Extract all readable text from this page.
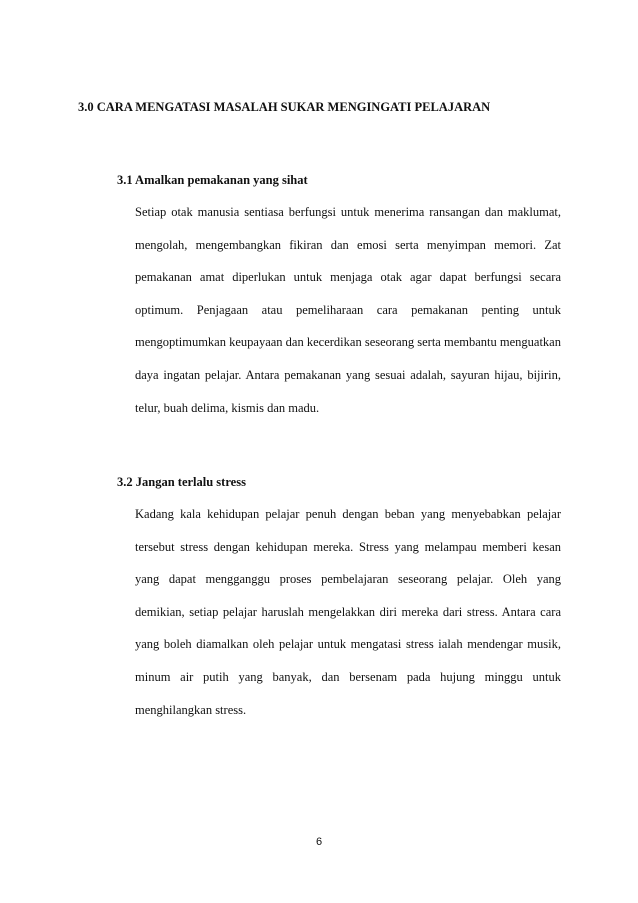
3.0 CARA MENGATASI MASALAH SUKAR MENGINGATI PELAJARAN
3.1 Amalkan pemakanan yang sihat

Setiap otak manusia sentiasa berfungsi untuk menerima ransangan dan maklumat, mengolah, mengembangkan fikiran dan emosi serta menyimpan memori. Zat pemakanan amat diperlukan untuk menjaga otak agar dapat berfungsi secara optimum. Penjagaan atau pemeliharaan cara pemakanan penting untuk mengoptimumkan keupayaan dan kecerdikan seseorang serta membantu menguatkan daya ingatan pelajar. Antara pemakanan yang sesuai adalah, sayuran hijau, bijirin, telur, buah delima, kismis dan madu.

3.2 Jangan terlalu stress

Kadang kala kehidupan pelajar penuh dengan beban yang menyebabkan pelajar tersebut stress dengan kehidupan mereka. Stress yang melampau memberi kesan yang dapat mengganggu proses pembelajaran seseorang pelajar. Oleh yang demikian, setiap pelajar haruslah mengelakkan diri mereka dari stress. Antara cara yang boleh diamalkan oleh pelajar untuk mengatasi stress ialah mendengar musik, minum air putih yang banyak, dan bersenam pada hujung minggu untuk menghilangkan stress.

6
